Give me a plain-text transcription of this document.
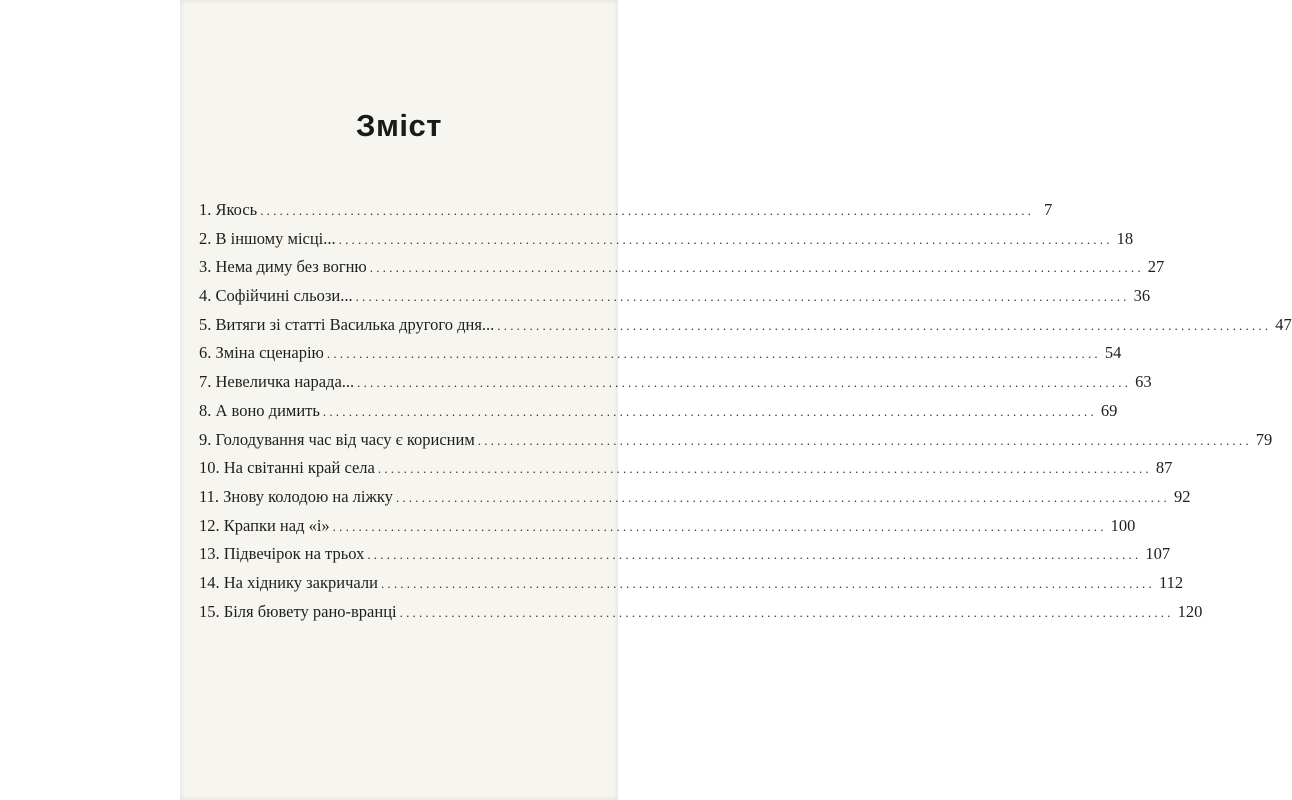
Зміст
1. Якось ........................................................................................................................ 7
2. В іншому місці... ........................................................................................................................ 18
3. Нема диму без вогню ........................................................................................................................ 27
4. Софійчині сльози... ........................................................................................................................ 36
5. Витяги зі статті Василька другого дня... ........................................................................................................................ 47
6. Зміна сценарію ........................................................................................................................ 54
7. Невеличка нарада... ........................................................................................................................ 63
8. А воно димить ........................................................................................................................ 69
9. Голодування час від часу є корисним ........................................................................................................................ 79
10. На світанні край села ........................................................................................................................ 87
11. Знову колодою на ліжку ........................................................................................................................ 92
12. Крапки над «і» ........................................................................................................................ 100
13. Підвечірок на трьох ........................................................................................................................ 107
14. На хіднику закричали ........................................................................................................................ 112
15. Біля бювету рано-вранці ........................................................................................................................ 120
